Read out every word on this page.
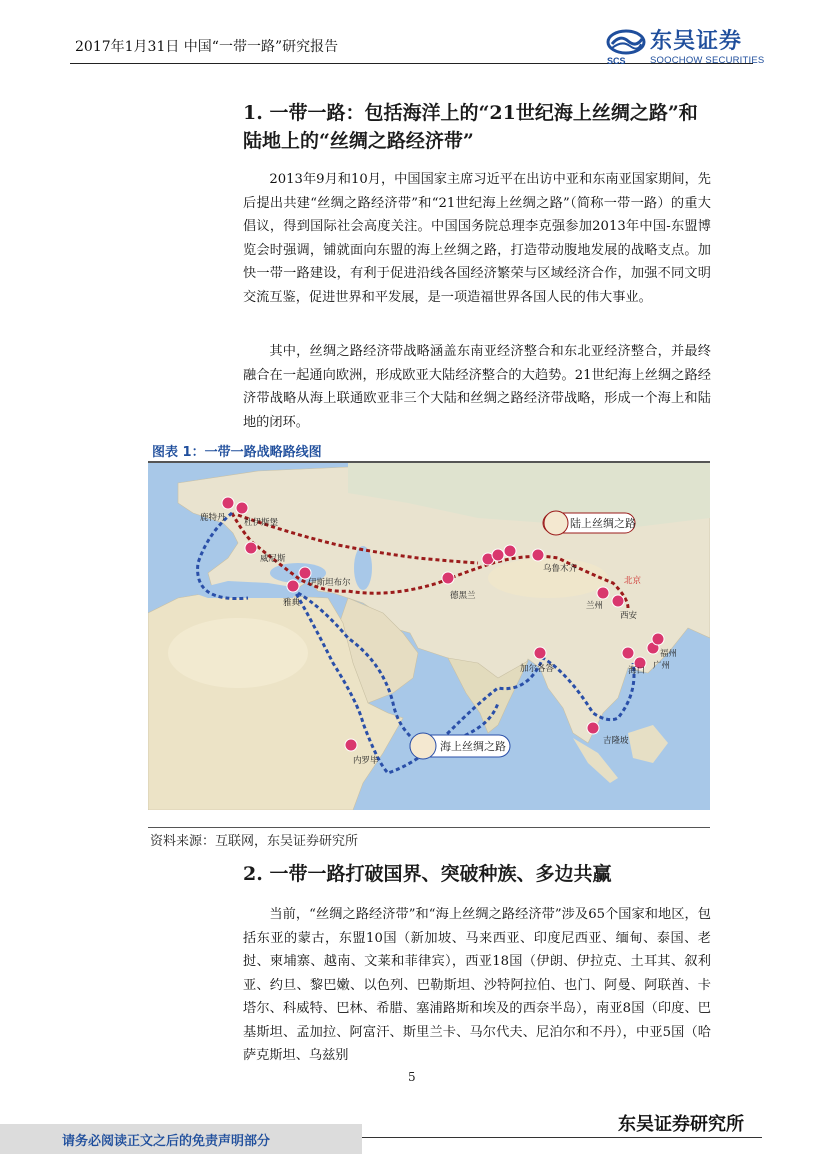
2017年1月31日 中国“一带一路”研究报告	东吴证券
SCS	SOOCHOW SECURITIES
1. 一带一路：包括海洋上的“21世纪海上丝绸之路”和
陆地上的“丝绸之路经济带”

2013年9月和10月，中国国家主席习近平在出访中亚和东南亚国家期间，先后提出共建“丝绸之路经济带”和“21世纪海上丝绸之路”（简称一带一路）的重大倡议，得到国际社会高度关注。中国国务院总理李克强参加2013年中国-东盟博览会时强调，铺就面向东盟的海上丝绸之路，打造带动腹地发展的战略支点。加快一带一路建设，有利于促进沿线各国经济繁荣与区域经济合作，加强不同文明交流互鉴，促进世界和平发展，是一项造福世界各国人民的伟大事业。

其中，丝绸之路经济带战略涵盖东南亚经济整合和东北亚经济整合，并最终融合在一起通向欧洲，形成欧亚大陆经济整合的大趋势。21世纪海上丝绸之路经济带战略从海上联通欧亚非三个大陆和丝绸之路经济带战略，形成一个海上和陆地的闭环。

图表 1：一带一路战略路线图
鹿特丹 杜伊斯堡
威尼斯
雅典
伊斯坦布尔
德黑兰
乌鲁木齐
兰州
西安
北京
加尔各答
福州
海口 广州
吉隆坡
内罗毕
陆上丝绸之路
海上丝绸之路
资料来源：互联网，东吴证券研究所
2. 一带一路打破国界、突破种族、多边共赢

当前，“丝绸之路经济带”和“海上丝绸之路经济带”涉及65个国家和地区，包括东亚的蒙古，东盟10国（新加坡、马来西亚、印度尼西亚、缅甸、泰国、老挝、柬埔寨、越南、文莱和菲律宾），西亚18国（伊朗、伊拉克、土耳其、叙利亚、约旦、黎巴嫩、以色列、巴勒斯坦、沙特阿拉伯、也门、阿曼、阿联酋、卡塔尔、科威特、巴林、希腊、塞浦路斯和埃及的西奈半岛），南亚8国（印度、巴基斯坦、孟加拉、阿富汗、斯里兰卡、马尔代夫、尼泊尔和不丹），中亚5国（哈萨克斯坦、乌兹别

5
请务必阅读正文之后的免责声明部分
东吴证券研究所
